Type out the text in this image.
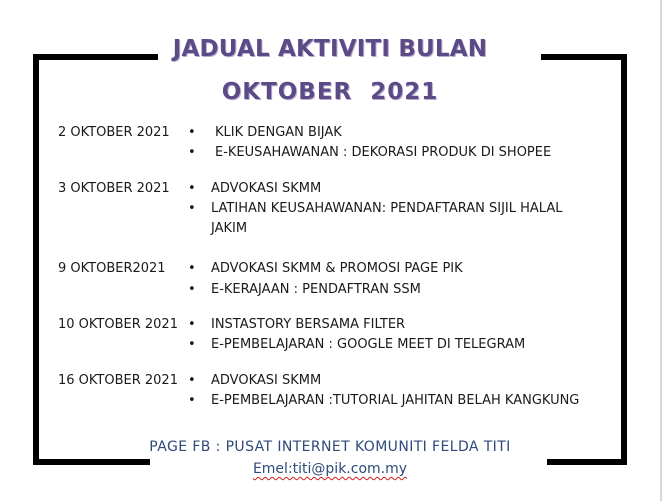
JADUAL AKTIVITI BULAN
OKTOBER  2021
2 OKTOBER 2021 • KLIK DENGAN BIJAK
• E-KEUSAHAWANAN : DEKORASI PRODUK DI SHOPEE
3 OKTOBER 2021 • ADVOKASI SKMM
• LATIHAN KEUSAHAWANAN: PENDAFTARAN SIJIL HALAL
JAKIM
9 OKTOBER2021 • ADVOKASI SKMM & PROMOSI PAGE PIK
• E-KERAJAAN : PENDAFTRAN SSM
10 OKTOBER 2021 • INSTASTORY BERSAMA FILTER
• E-PEMBELAJARAN : GOOGLE MEET DI TELEGRAM
16 OKTOBER 2021 • ADVOKASI SKMM
• E-PEMBELAJARAN :TUTORIAL JAHITAN BELAH KANGKUNG
PAGE FB : PUSAT INTERNET KOMUNITI FELDA TITI
Emel:titi@pik.com.my
